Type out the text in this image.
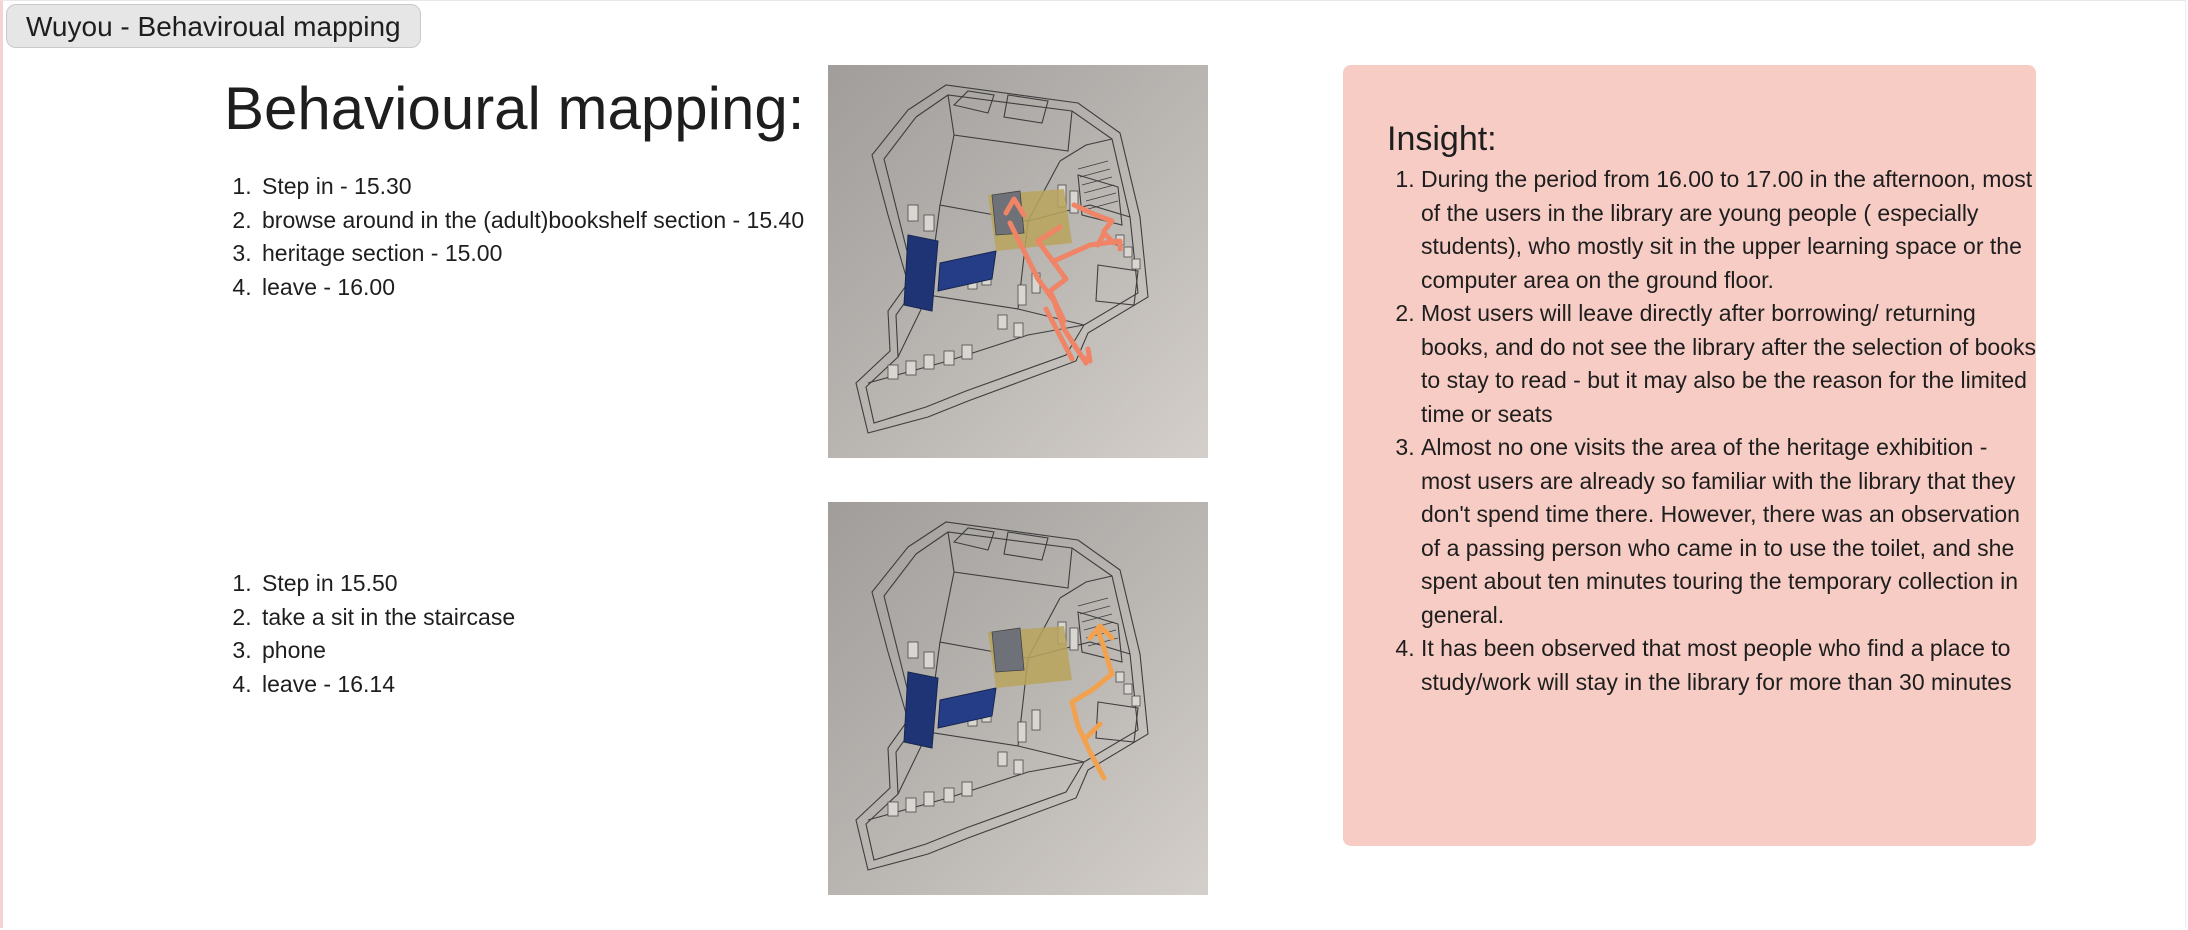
Wuyou - Behaviroual mapping
Behavioural mapping:
1. Step in - 15.30
2. browse around in the (adult)bookshelf section - 15.40
3. heritage section - 15.00
4. leave - 16.00
1. Step in 15.50
2. take a sit in the staircase
3. phone
4. leave - 16.14
Insight:
1. During the period from 16.00 to 17.00 in the afternoon, most of the users in the library are young people ( especially students), who mostly sit in the upper learning space or the computer area on the ground floor.
2. Most users will leave directly after borrowing/ returning books, and do not see the library after the selection of books to stay to read - but it may also be the reason for the limited time or seats
3. Almost no one visits the area of the heritage exhibition - most users are already so familiar with the library that they don't spend time there. However, there was an observation of a passing person who came in to use the toilet, and she spent about ten minutes touring the temporary collection in general.
4. It has been observed that most people who find a place to study/work will stay in the library for more than 30 minutes
